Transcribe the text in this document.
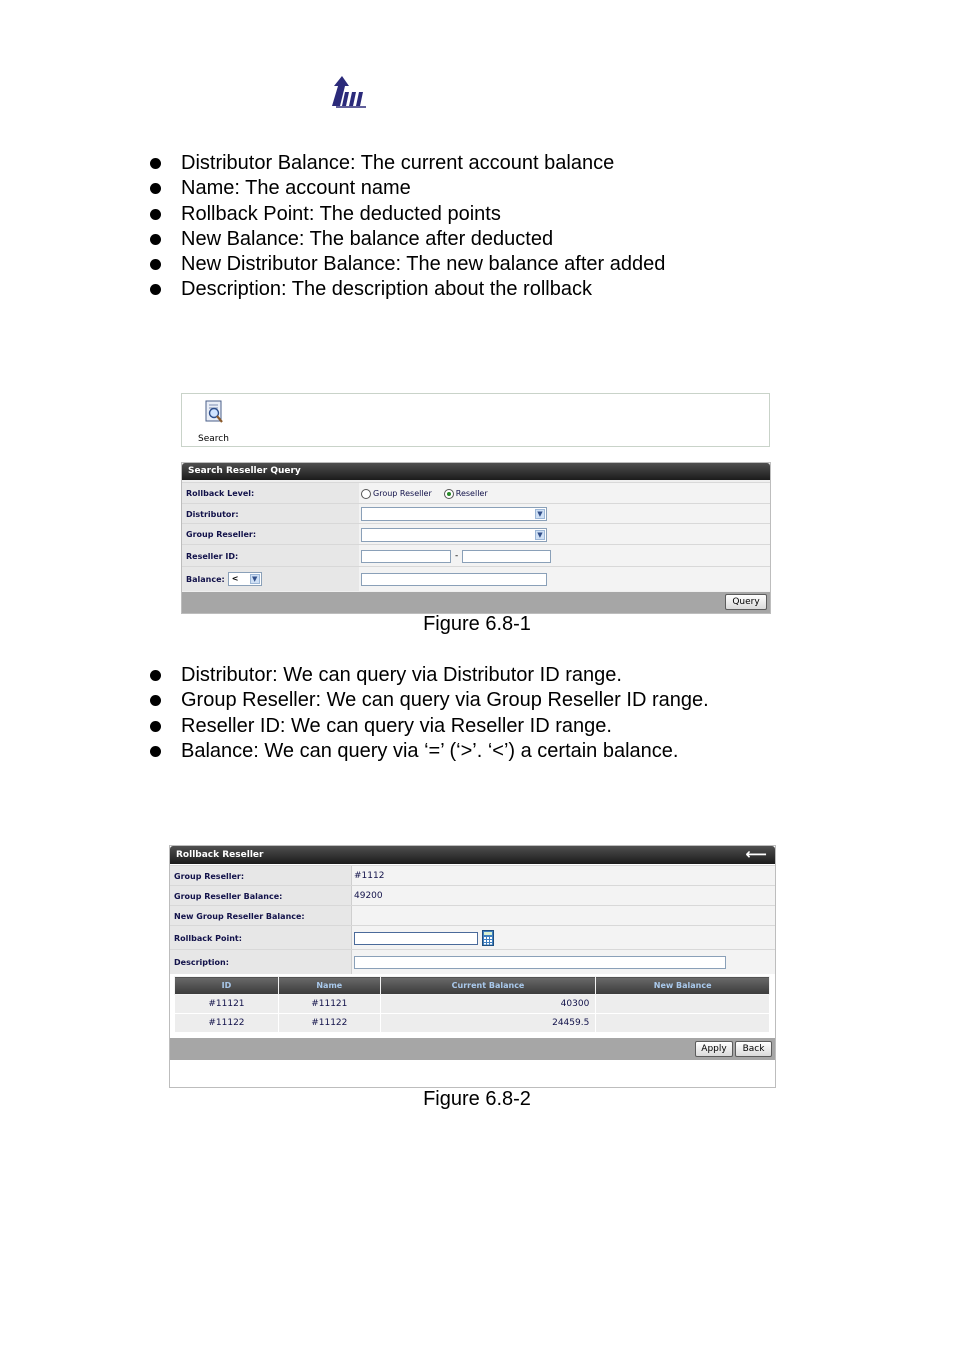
Distributor Balance: The current account balance
Name: The account name
Rollback Point: The deducted points
New Balance: The balance after deducted
New Distributor Balance: The new balance after added
Description: The description about the rollback
Search
Search Reseller Query
Rollback Level:	Group Reseller	Reseller
Distributor:	▼
Group Reseller:	▼
Reseller ID:	-
Balance: <	▼
Query
Figure 6.8-1
Distributor: We can query via Distributor ID range.
Group Reseller: We can query via Group Reseller ID range.
Reseller ID: We can query via Reseller ID range.
Balance: We can query via ‘=’ (‘>’. ‘<’) a certain balance.
Rollback Reseller	⟵
Group Reseller:	#1112
Group Reseller Balance:	49200
New Group Reseller Balance:
Rollback Point:
Description:
ID	Name	Current Balance	New Balance
#11121	#11121	40300	
#11122	#11122	24459.5	
Apply	Back
Figure 6.8-2
